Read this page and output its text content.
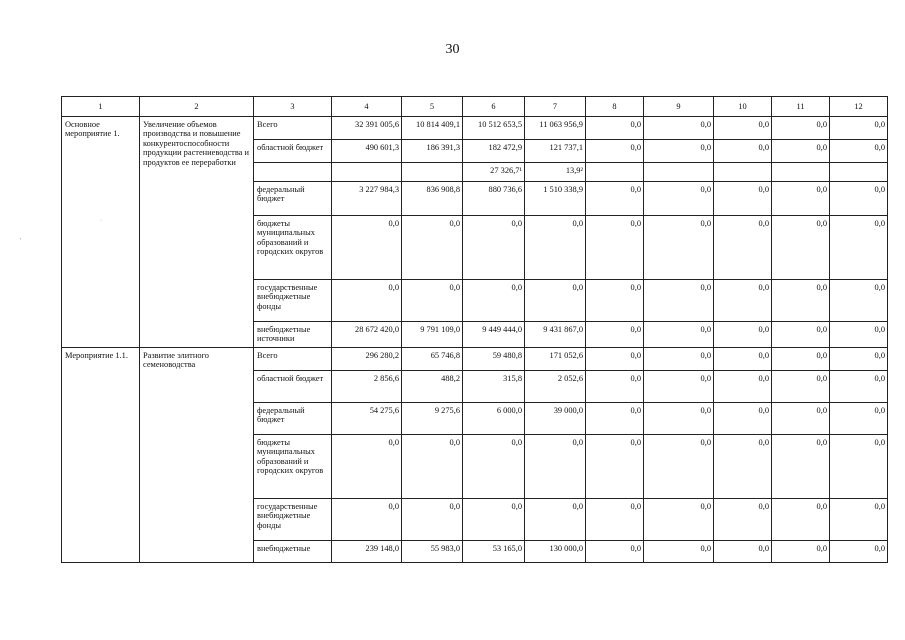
30
1	2	3	4	5	6	7	8	9	10	11	12
Основное мероприятие 1.	Увеличение объемов производства и повышение конкурентоспособности продукции растениеводства и продуктов ее переработки	Всего	32 391 005,6	10 814 409,1	10 512 653,5	11 063 956,9	0,0	0,0	0,0	0,0	0,0
		областной бюджет	490 601,3	186 391,3	182 472,9	121 737,1	0,0	0,0	0,0	0,0	0,0
					27 326,7¹	13,9²					
		федеральный бюджет	3 227 984,3	836 908,8	880 736,6	1 510 338,9	0,0	0,0	0,0	0,0	0,0
		бюджеты муниципальных образований и городских округов	0,0	0,0	0,0	0,0	0,0	0,0	0,0	0,0	0,0
		государственные внебюджетные фонды	0,0	0,0	0,0	0,0	0,0	0,0	0,0	0,0	0,0
		внебюджетные источники	28 672 420,0	9 791 109,0	9 449 444,0	9 431 867,0	0,0	0,0	0,0	0,0	0,0
Мероприятие 1.1.	Развитие элитного семеноводства	Всего	296 280,2	65 746,8	59 480,8	171 052,6	0,0	0,0	0,0	0,0	0,0
		областной бюджет	2 856,6	488,2	315,8	2 052,6	0,0	0,0	0,0	0,0	0,0
		федеральный бюджет	54 275,6	9 275,6	6 000,0	39 000,0	0,0	0,0	0,0	0,0	0,0
		бюджеты муниципальных образований и городских округов	0,0	0,0	0,0	0,0	0,0	0,0	0,0	0,0	0,0
		государственные внебюджетные фонды	0,0	0,0	0,0	0,0	0,0	0,0	0,0	0,0	0,0
		внебюджетные	239 148,0	55 983,0	53 165,0	130 000,0	0,0	0,0	0,0	0,0	0,0
'
·
